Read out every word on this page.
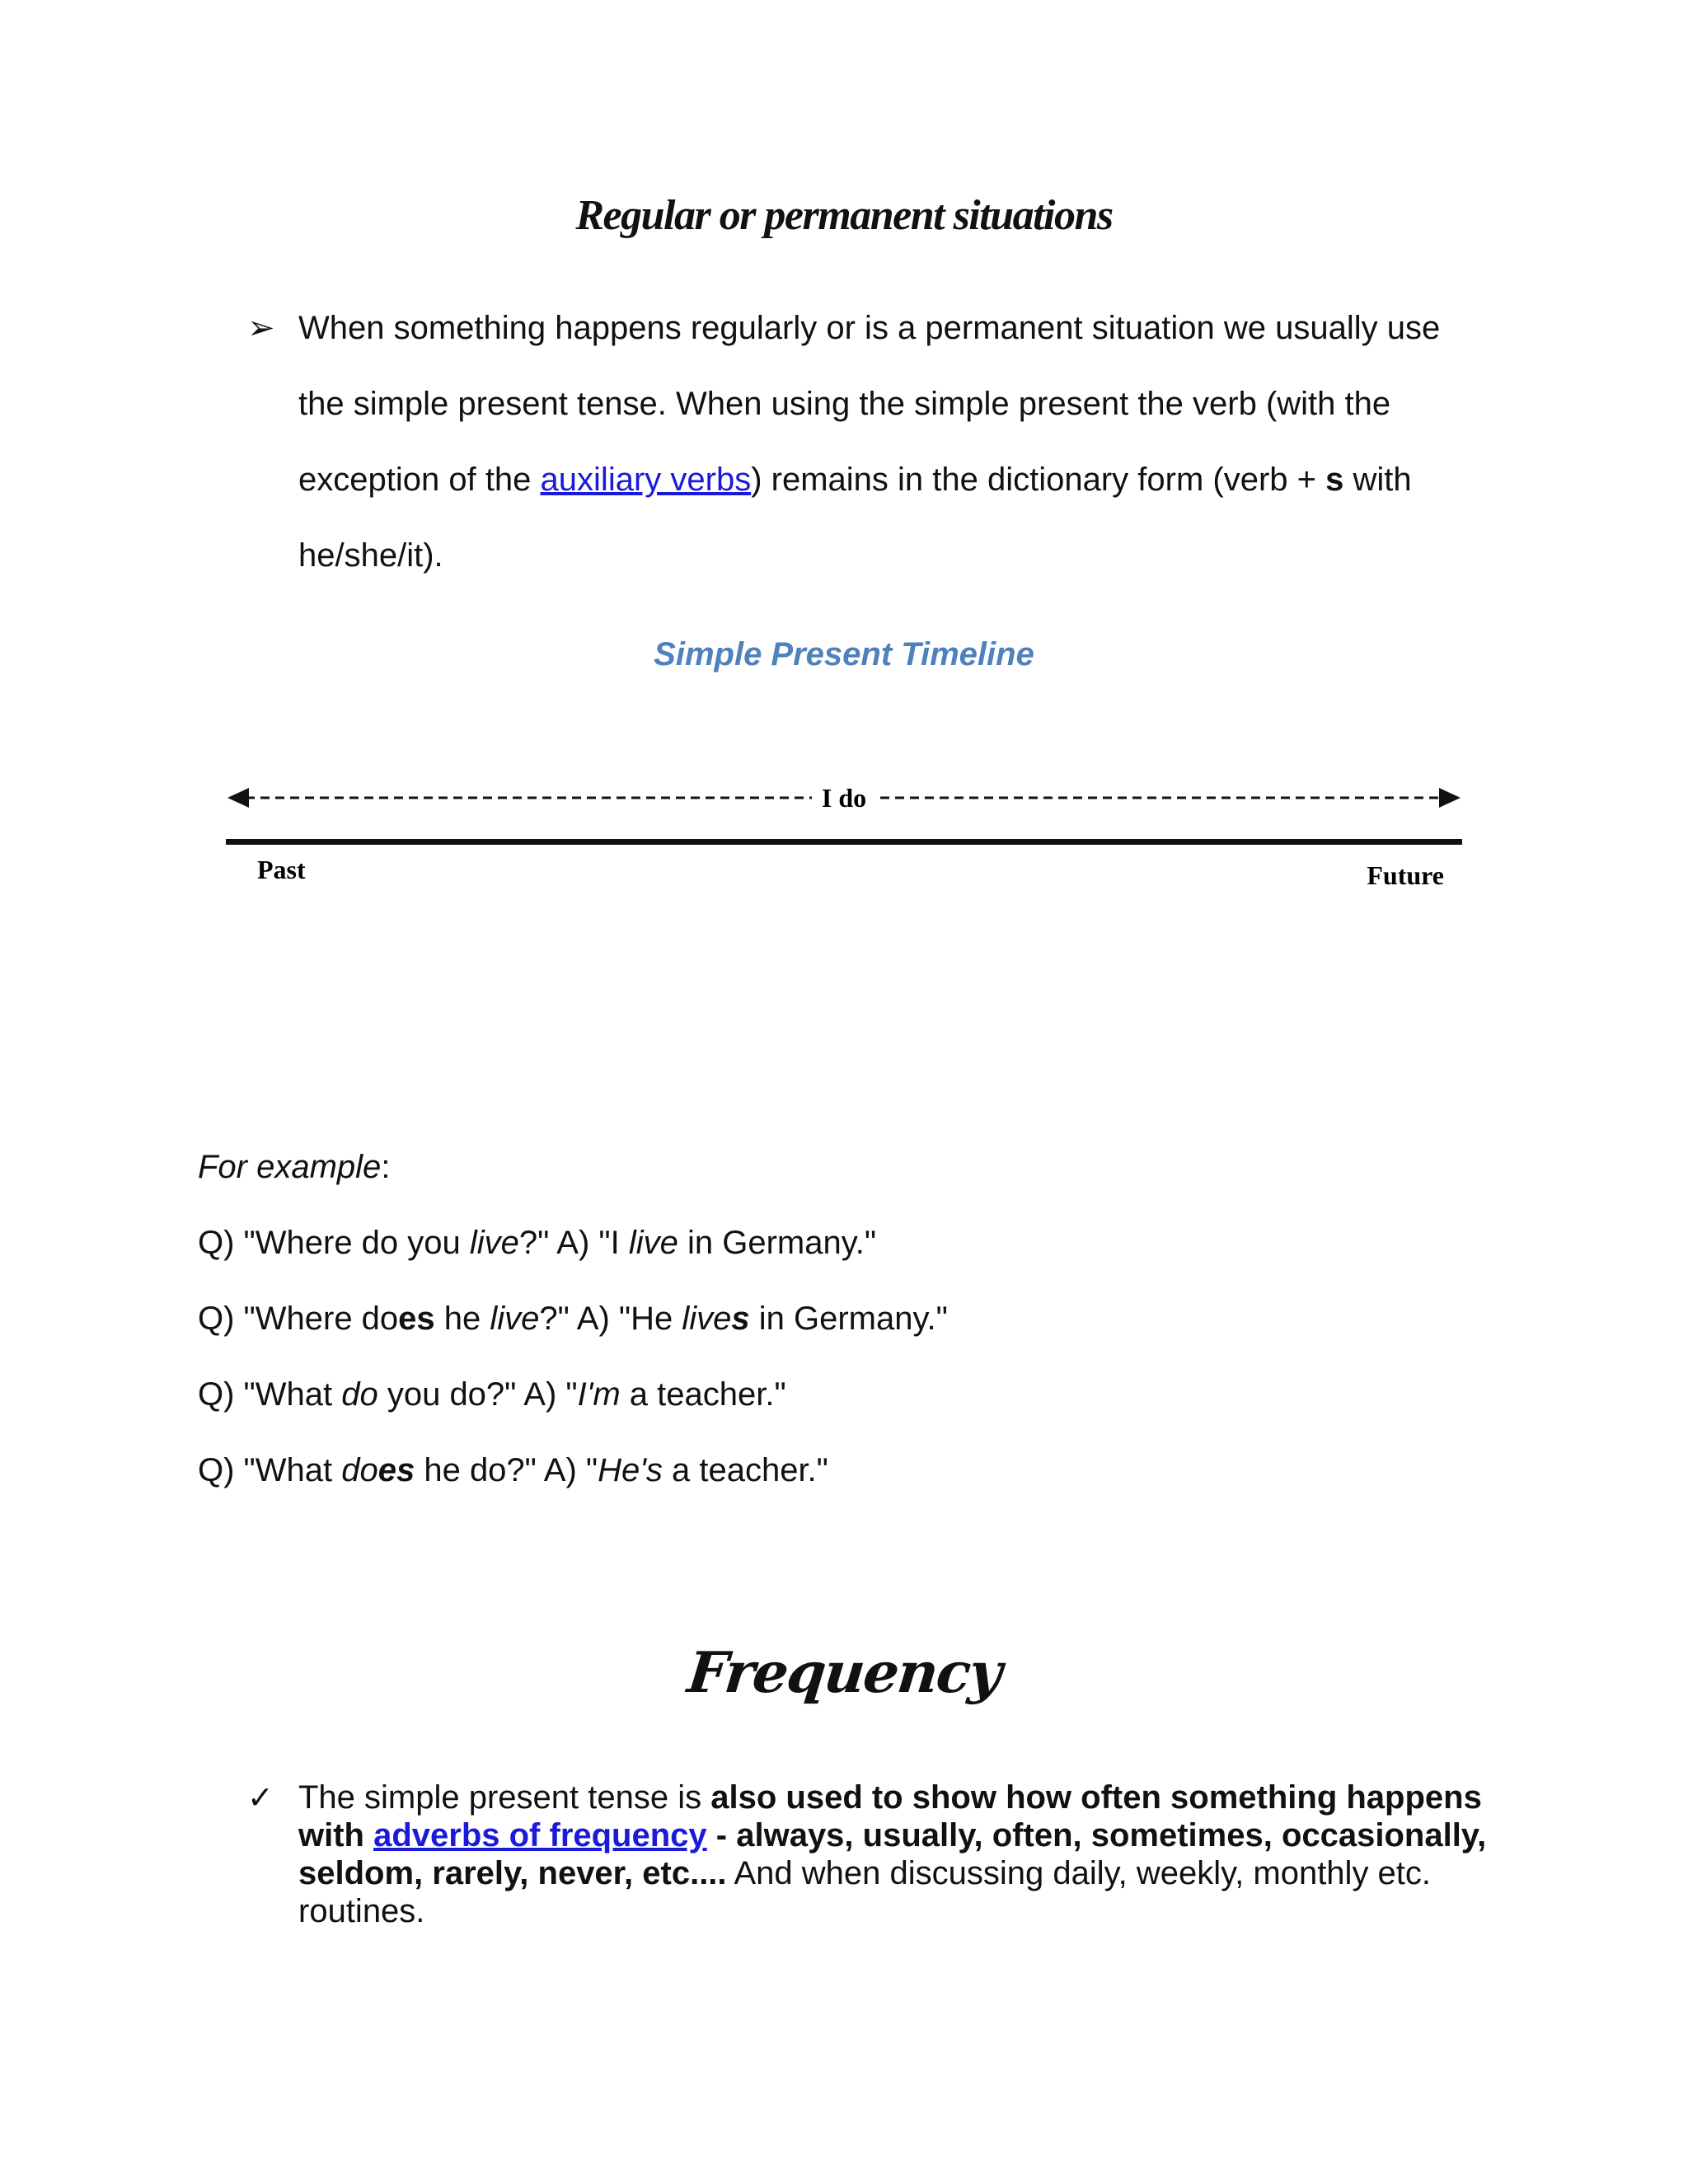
Regular or permanent situations
➢ When something happens regularly or is a permanent situation we usually use the simple present tense. When using the simple present the verb (with the exception of the auxiliary verbs) remains in the dictionary form (verb + s with he/she/it).
Simple Present Timeline
I do
Past	Future

For example:

Q) "Where do you live?" A) "I live in Germany."

Q) "Where does he live?" A) "He lives in Germany."

Q) "What do you do?" A) "I'm a teacher."

Q) "What does he do?" A) "He's a teacher."

Frequency
✓ The simple present tense is also used to show how often something happens with adverbs of frequency - always, usually, often, sometimes, occasionally, seldom, rarely, never, etc.... And when discussing daily, weekly, monthly etc. routines.
